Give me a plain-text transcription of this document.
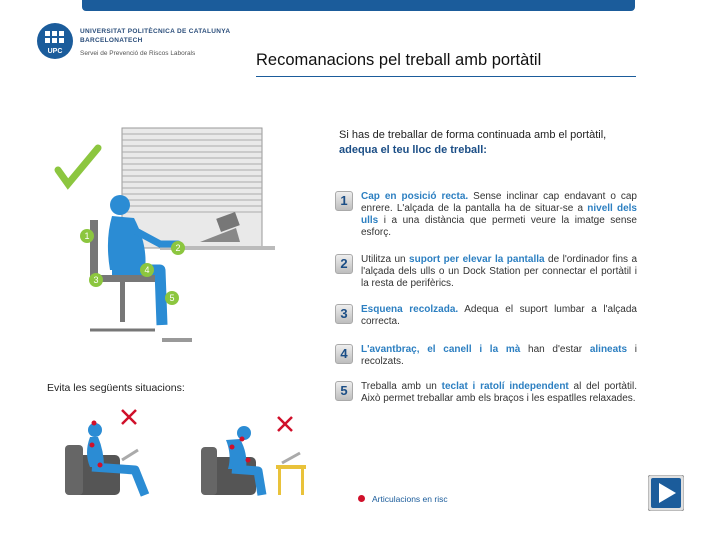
UPC
UNIVERSITAT POLITÈCNICA DE CATALUNYA
BARCELONATECH
Servei de Prevenció de Riscos Laborals	Recomanacions pel treball amb portàtil
1
2
3
4
5
Evita les següents situacions:
Si has de treballar de forma continuada amb el portàtil,
adequa el teu lloc de treball:
1	Cap en posició recta. Sense inclinar cap endavant o cap enrere. L'alçada de la pantalla ha de situar-se a nivell dels ulls i a una distància que permeti veure la imatge sense esforç.
2	Utilitza un suport per elevar la pantalla de l'ordinador fins a l'alçada dels ulls o un Dock Station per connectar el portàtil i la resta de perifèrics.
3	Esquena recolzada. Adequa el suport lumbar a l'alçada correcta.
4	L'avantbraç, el canell i la mà han d'estar alineats i recolzats.
5	Treballa amb un teclat i ratolí independent al del portàtil. Això permet treballar amb els braços i les espatlles relaxades.
Articulacions en risc
